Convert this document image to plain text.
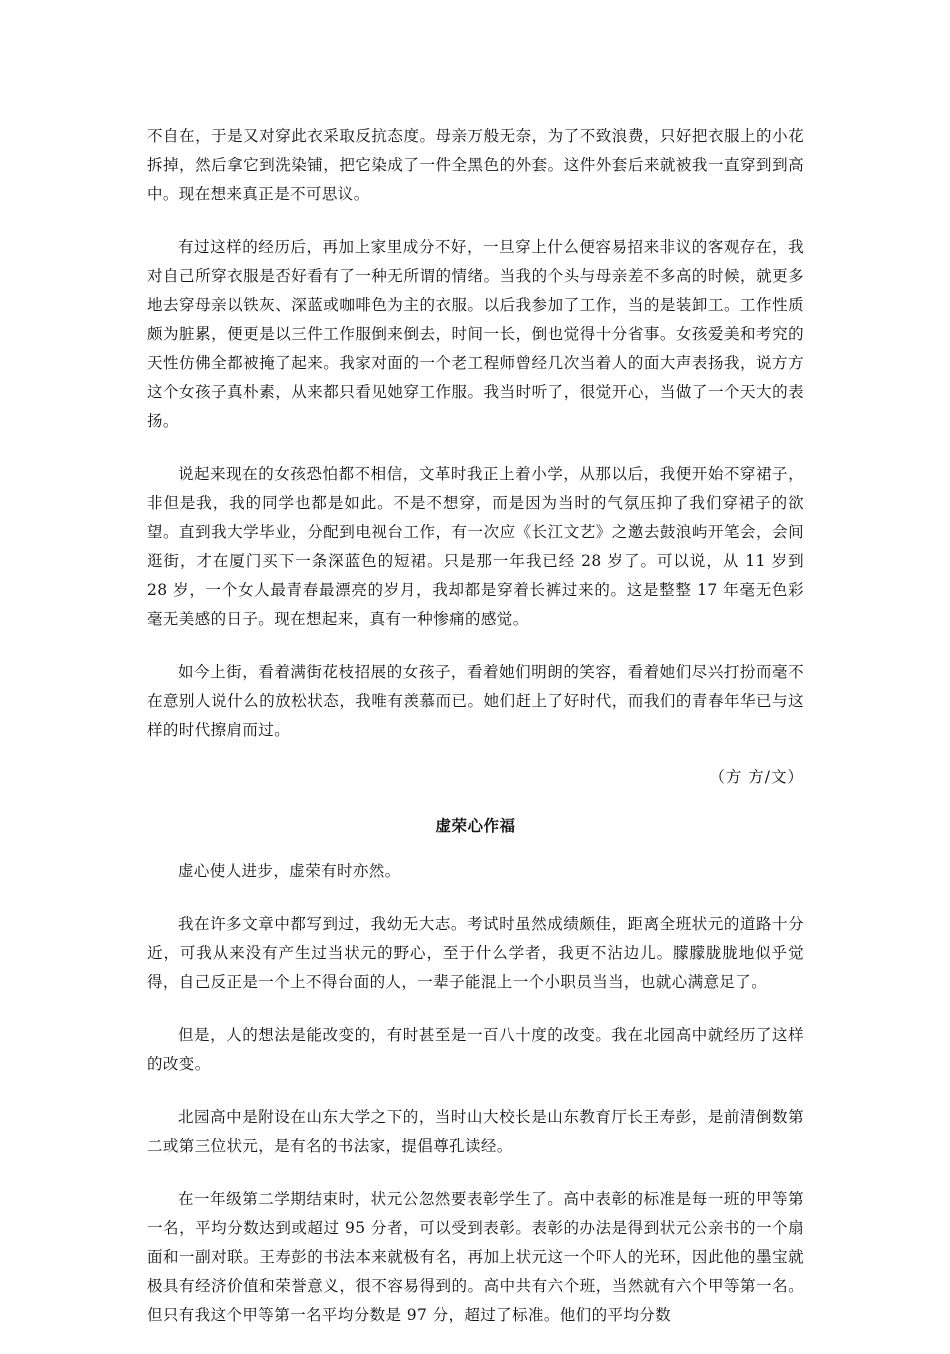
不自在，于是又对穿此衣采取反抗态度。母亲万般无奈，为了不致浪费，只好把衣服上的小花拆掉，然后拿它到洗染铺，把它染成了一件全黑色的外套。这件外套后来就被我一直穿到到高中。现在想来真正是不可思议。

有过这样的经历后，再加上家里成分不好，一旦穿上什么便容易招来非议的客观存在，我对自己所穿衣服是否好看有了一种无所谓的情绪。当我的个头与母亲差不多高的时候，就更多地去穿母亲以铁灰、深蓝或咖啡色为主的衣服。以后我参加了工作，当的是装卸工。工作性质颇为脏累，便更是以三件工作服倒来倒去，时间一长，倒也觉得十分省事。女孩爱美和考究的天性仿佛全都被掩了起来。我家对面的一个老工程师曾经几次当着人的面大声表扬我，说方方这个女孩子真朴素，从来都只看见她穿工作服。我当时听了，很觉开心，当做了一个天大的表扬。

说起来现在的女孩恐怕都不相信，文革时我正上着小学，从那以后，我便开始不穿裙子，非但是我，我的同学也都是如此。不是不想穿，而是因为当时的气氛压抑了我们穿裙子的欲望。直到我大学毕业，分配到电视台工作，有一次应《长江文艺》之邀去鼓浪屿开笔会，会间逛街，才在厦门买下一条深蓝色的短裙。只是那一年我已经 28 岁了。可以说，从 11 岁到 28 岁，一个女人最青春最漂亮的岁月，我却都是穿着长裤过来的。这是整整 17 年毫无色彩毫无美感的日子。现在想起来，真有一种惨痛的感觉。

如今上街，看着满街花枝招展的女孩子，看着她们明朗的笑容，看着她们尽兴打扮而毫不在意别人说什么的放松状态，我唯有羡慕而已。她们赶上了好时代，而我们的青春年华已与这样的时代擦肩而过。

（方 方/文）
虚荣心作福

虚心使人进步，虚荣有时亦然。

我在许多文章中都写到过，我幼无大志。考试时虽然成绩颇佳，距离全班状元的道路十分近，可我从来没有产生过当状元的野心，至于什么学者，我更不沾边儿。朦朦胧胧地似乎觉得，自己反正是一个上不得台面的人，一辈子能混上一个小职员当当，也就心满意足了。

但是，人的想法是能改变的，有时甚至是一百八十度的改变。我在北园高中就经历了这样的改变。

北园高中是附设在山东大学之下的，当时山大校长是山东教育厅长王寿彭，是前清倒数第二或第三位状元，是有名的书法家，提倡尊孔读经。

在一年级第二学期结束时，状元公忽然要表彰学生了。高中表彰的标准是每一班的甲等第一名，平均分数达到或超过 95 分者，可以受到表彰。表彰的办法是得到状元公亲书的一个扇面和一副对联。王寿彭的书法本来就极有名，再加上状元这一个吓人的光环，因此他的墨宝就极具有经济价值和荣誉意义，很不容易得到的。高中共有六个班，当然就有六个甲等第一名。但只有我这个甲等第一名平均分数是 97 分，超过了标准。他们的平均分数
